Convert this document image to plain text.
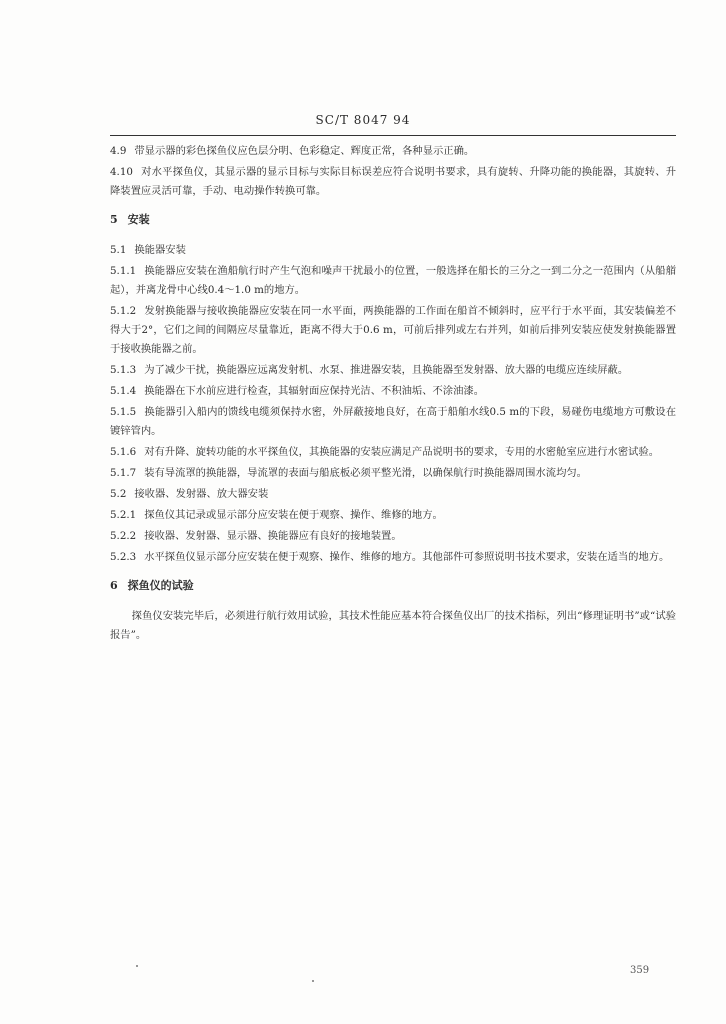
SC/T 8047 94
4.9 带显示器的彩色探鱼仪应色层分明、色彩稳定、辉度正常，各种显示正确。
4.10 对水平探鱼仪，其显示器的显示目标与实际目标误差应符合说明书要求，具有旋转、升降功能的换能器，其旋转、升降装置应灵活可靠，手动、电动操作转换可靠。
5 安装
5.1 换能器安装
5.1.1 换能器应安装在渔船航行时产生气泡和噪声干扰最小的位置，一般选择在船长的三分之一到二分之一范围内（从船艏起），并离龙骨中心线0.4～1.0 m的地方。
5.1.2 发射换能器与接收换能器应安装在同一水平面，两换能器的工作面在船首不倾斜时，应平行于水平面，其安装偏差不得大于2°，它们之间的间隔应尽量靠近，距离不得大于0.6 m，可前后排列或左右并列，如前后排列安装应使发射换能器置于接收换能器之前。
5.1.3 为了减少干扰，换能器应远离发射机、水泵、推进器安装，且换能器至发射器、放大器的电缆应连续屏蔽。
5.1.4 换能器在下水前应进行检查，其辐射面应保持光洁、不积油垢、不涂油漆。
5.1.5 换能器引入船内的馈线电缆须保持水密，外屏蔽接地良好，在高于船舶水线0.5 m的下段，易碰伤电缆地方可敷设在镀锌管内。
5.1.6 对有升降、旋转功能的水平探鱼仪，其换能器的安装应满足产品说明书的要求，专用的水密舱室应进行水密试验。
5.1.7 装有导流罩的换能器，导流罩的表面与船底板必须平整光滑，以确保航行时换能器周围水流均匀。
5.2 接收器、发射器、放大器安装
5.2.1 探鱼仪其记录或显示部分应安装在便于观察、操作、维修的地方。
5.2.2 接收器、发射器、显示器、换能器应有良好的接地装置。
5.2.3 水平探鱼仪显示部分应安装在便于观察、操作、维修的地方。其他部件可参照说明书技术要求，安装在适当的地方。
6 探鱼仪的试验
探鱼仪安装完毕后，必须进行航行效用试验，其技术性能应基本符合探鱼仪出厂的技术指标，列出“修理证明书”或“试验报告”。
359
